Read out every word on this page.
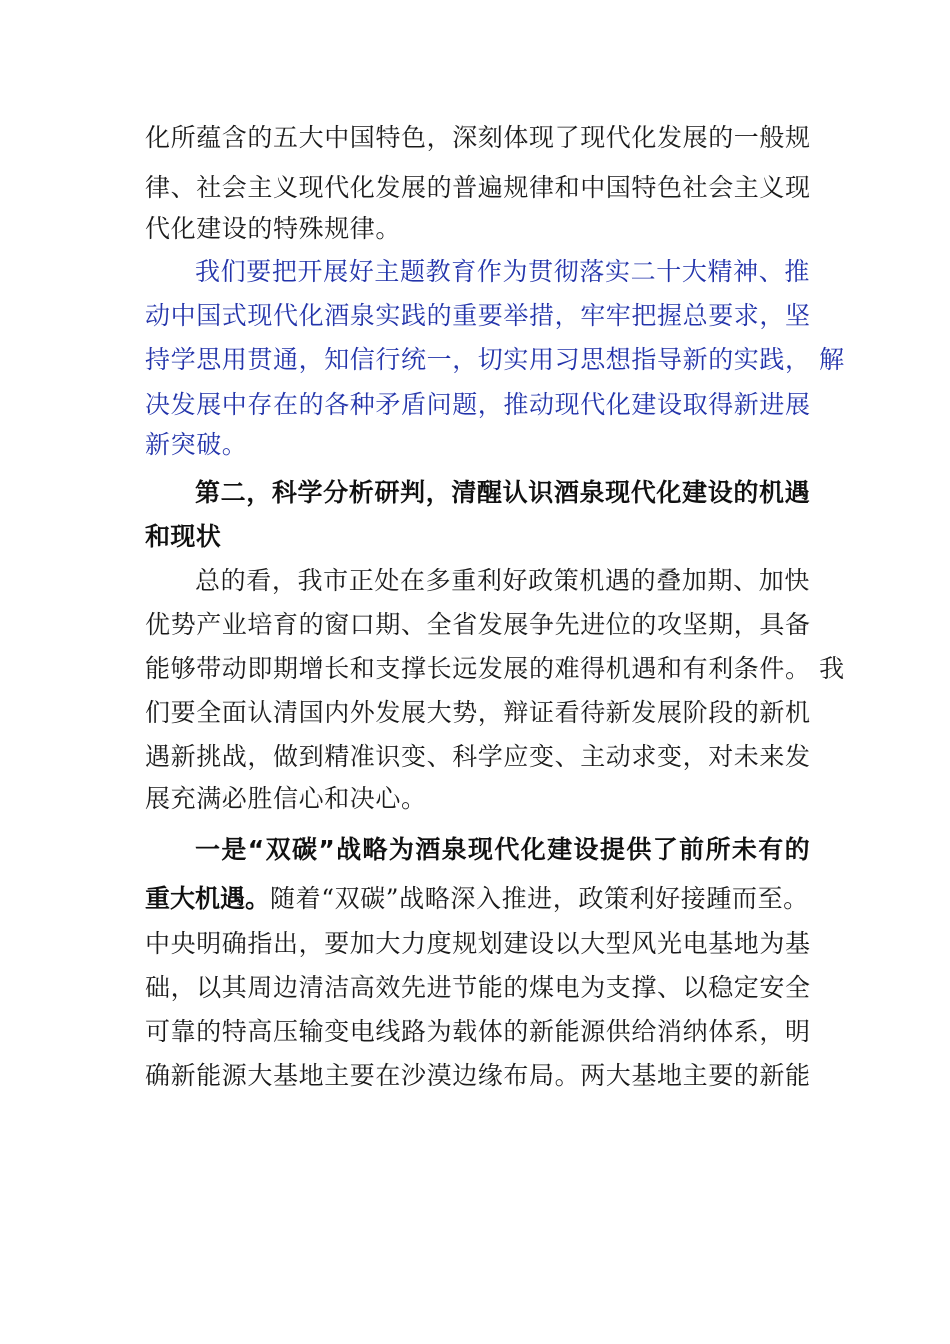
化所蕴含的五大中国特色，深刻体现了现代化发展的一般规
律、社会主义现代化发展的普遍规律和中国特色社会主义现
代化建设的特殊规律。
我们要把开展好主题教育作为贯彻落实二十大精神、推
动中国式现代化酒泉实践的重要举措，牢牢把握总要求，坚
持学思用贯通，知信行统一，切实用习思想指导新的实践， 解
决发展中存在的各种矛盾问题，推动现代化建设取得新进展
新突破。
第二，科学分析研判，清醒认识酒泉现代化建设的机遇
和现状
总的看，我市正处在多重利好政策机遇的叠加期、加快
优势产业培育的窗口期、全省发展争先进位的攻坚期，具备
能够带动即期增长和支撑长远发展的难得机遇和有利条件。 我
们要全面认清国内外发展大势，辩证看待新发展阶段的新机
遇新挑战，做到精准识变、科学应变、主动求变，对未来发
展充满必胜信心和决心。
一是“双碳”战略为酒泉现代化建设提供了前所未有的
重大机遇。随着“双碳”战略深入推进，政策利好接踵而至。
中央明确指出，要加大力度规划建设以大型风光电基地为基
础，以其周边清洁高效先进节能的煤电为支撑、以稳定安全
可靠的特高压输变电线路为载体的新能源供给消纳体系，明
确新能源大基地主要在沙漠边缘布局。两大基地主要的新能
